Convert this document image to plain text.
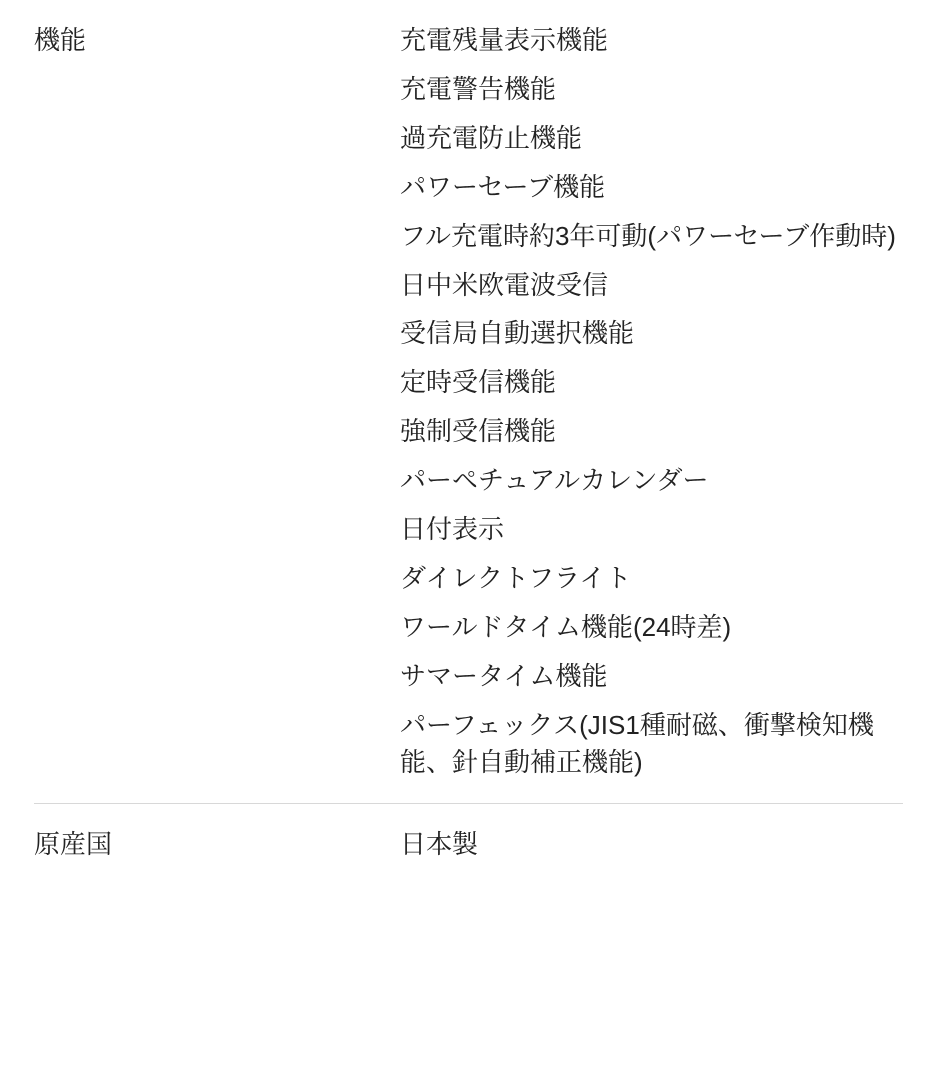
機能	充電残量表示機能
充電警告機能
過充電防止機能
パワーセーブ機能
フル充電時約3年可動(パワーセーブ作動時)
日中米欧電波受信
受信局自動選択機能
定時受信機能
強制受信機能
パーペチュアルカレンダー
日付表示
ダイレクトフライト
ワールドタイム機能(24時差)
サマータイム機能
パーフェックス(JIS1種耐磁、衝撃検知機能、針自動補正機能)

原産国	日本製
